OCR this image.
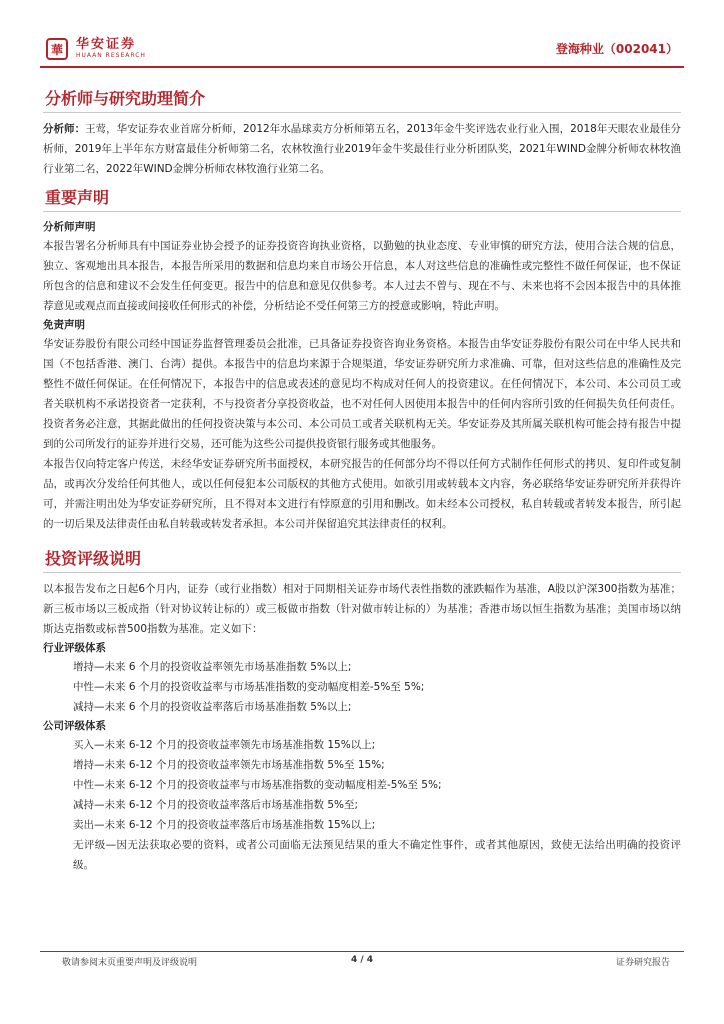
華	华安证券
HUAAN RESEARCH	登海种业（002041）
分析师与研究助理简介

分析师：王莺，华安证券农业首席分析师，2012年水晶球卖方分析师第五名，2013年金牛奖评选农业行业入围，2018年天眼农业最佳分析师，2019年上半年东方财富最佳分析师第二名，农林牧渔行业2019年金牛奖最佳行业分析团队奖，2021年WIND金牌分析师农林牧渔行业第二名，2022年WIND金牌分析师农林牧渔行业第二名。

重要声明
分析师声明

本报告署名分析师具有中国证券业协会授予的证券投资咨询执业资格，以勤勉的执业态度、专业审慎的研究方法，使用合法合规的信息，独立、客观地出具本报告，本报告所采用的数据和信息均来自市场公开信息，本人对这些信息的准确性或完整性不做任何保证，也不保证所包含的信息和建议不会发生任何变更。报告中的信息和意见仅供参考。本人过去不曾与、现在不与、未来也将不会因本报告中的具体推荐意见或观点而直接或间接收任何形式的补偿，分析结论不受任何第三方的授意或影响，特此声明。

免责声明

华安证券股份有限公司经中国证券监督管理委员会批准，已具备证券投资咨询业务资格。本报告由华安证券股份有限公司在中华人民共和国（不包括香港、澳门、台湾）提供。本报告中的信息均来源于合规渠道，华安证券研究所力求准确、可靠，但对这些信息的准确性及完整性不做任何保证。在任何情况下，本报告中的信息或表述的意见均不构成对任何人的投资建议。在任何情况下，本公司、本公司员工或者关联机构不承诺投资者一定获利，不与投资者分享投资收益，也不对任何人因使用本报告中的任何内容所引致的任何损失负任何责任。投资者务必注意，其据此做出的任何投资决策与本公司、本公司员工或者关联机构无关。华安证券及其所属关联机构可能会持有报告中提到的公司所发行的证券并进行交易，还可能为这些公司提供投资银行服务或其他服务。

本报告仅向特定客户传送，未经华安证券研究所书面授权，本研究报告的任何部分均不得以任何方式制作任何形式的拷贝、复印件或复制品，或再次分发给任何其他人，或以任何侵犯本公司版权的其他方式使用。如欲引用或转载本文内容，务必联络华安证券研究所并获得许可，并需注明出处为华安证券研究所，且不得对本文进行有悖原意的引用和删改。如未经本公司授权，私自转载或者转发本报告，所引起的一切后果及法律责任由私自转载或转发者承担。本公司并保留追究其法律责任的权利。

投资评级说明

以本报告发布之日起6个月内，证券（或行业指数）相对于同期相关证券市场代表性指数的涨跌幅作为基准，A股以沪深300指数为基准；新三板市场以三板成指（针对协议转让标的）或三板做市指数（针对做市转让标的）为基准；香港市场以恒生指数为基准；美国市场以纳斯达克指数或标普500指数为基准。定义如下：

行业评级体系

增持—未来 6 个月的投资收益率领先市场基准指数 5%以上;

中性—未来 6 个月的投资收益率与市场基准指数的变动幅度相差-5%至 5%;

减持—未来 6 个月的投资收益率落后市场基准指数 5%以上;

公司评级体系

买入—未来 6-12 个月的投资收益率领先市场基准指数 15%以上;

增持—未来 6-12 个月的投资收益率领先市场基准指数 5%至 15%;

中性—未来 6-12 个月的投资收益率与市场基准指数的变动幅度相差-5%至 5%;

减持—未来 6-12 个月的投资收益率落后市场基准指数 5%至;

卖出—未来 6-12 个月的投资收益率落后市场基准指数 15%以上;

无评级—因无法获取必要的资料，或者公司面临无法预见结果的重大不确定性事件，或者其他原因，致使无法给出明确的投资评级。

敬请参阅末页重要声明及评级说明	4 / 4	证券研究报告
